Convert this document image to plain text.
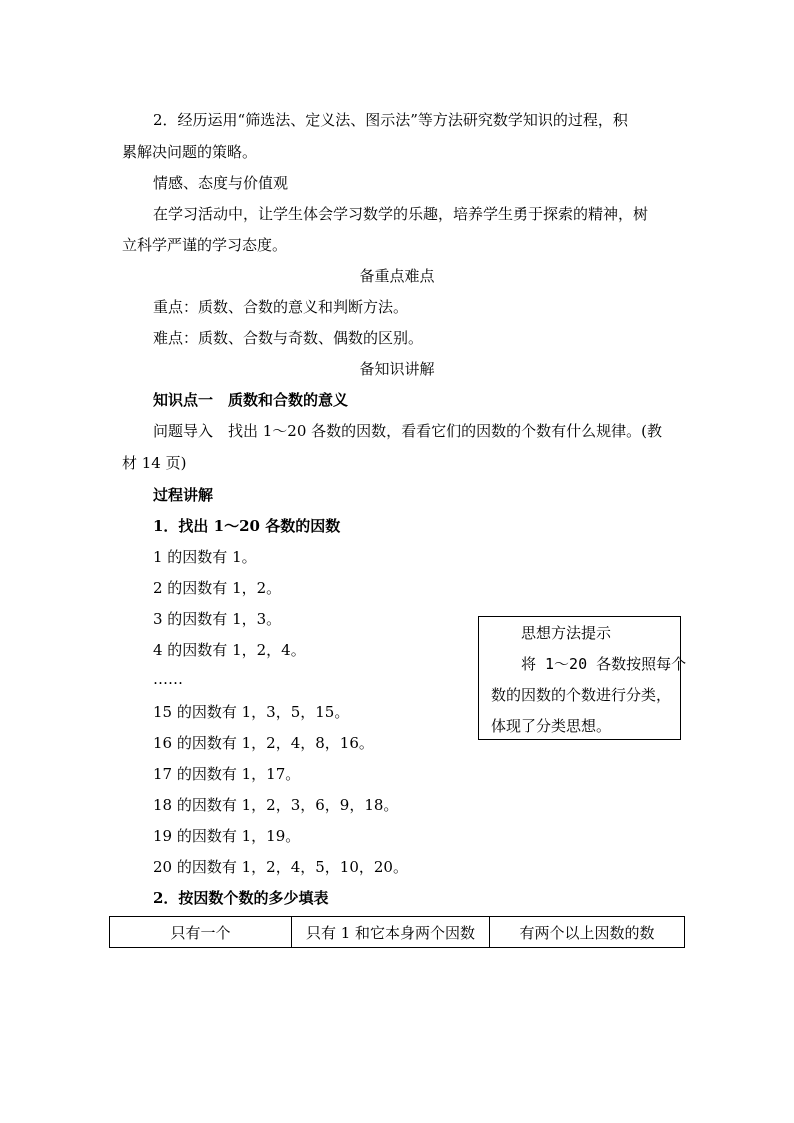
2．经历运用“筛选法、定义法、图示法”等方法研究数学知识的过程，积
累解决问题的策略。
情感、态度与价值观
在学习活动中，让学生体会学习数学的乐趣，培养学生勇于探索的精神，树
立科学严谨的学习态度。
备重点难点
重点：质数、合数的意义和判断方法。
难点：质数、合数与奇数、偶数的区别。
备知识讲解
知识点一　质数和合数的意义
问题导入　找出 1～20 各数的因数，看看它们的因数的个数有什么规律。(教
材 14 页)
过程讲解
1．找出 1～20 各数的因数
1 的因数有 1。
2 的因数有 1，2。
3 的因数有 1，3。
4 的因数有 1，2，4。
……
15 的因数有 1，3，5，15。
16 的因数有 1，2，4，8，16。
17 的因数有 1，17。
18 的因数有 1，2，3，6，9，18。
19 的因数有 1，19。
20 的因数有 1，2，4，5，10，20。
2．按因数个数的多少填表
思想方法提示
将 1～20 各数按照每个
数的因数的个数进行分类，
体现了分类思想。
只有一个	只有 1 和它本身两个因数	有两个以上因数的数
